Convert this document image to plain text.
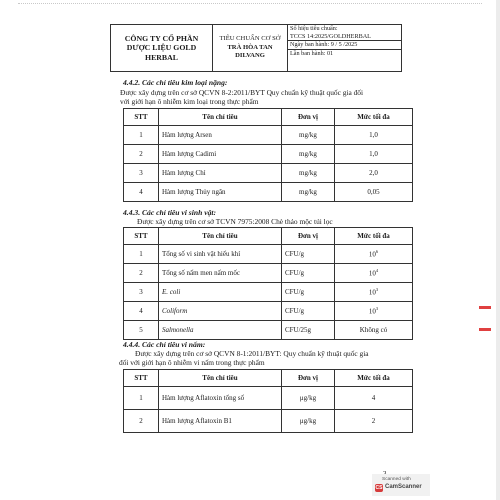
CÔNG TY CỔ PHẦN
DƯỢC LIỆU GOLD
HERBAL
TIÊU CHUẨN CƠ SỞ
TRÀ HÒA TAN
DILVANG
Số hiệu tiêu chuẩn:
TCCS 14:2025/GOLDHERBAL
Ngày ban hành: 9 / 5 /2025
Lần ban hành: 01
4.4.2. Các chỉ tiêu kim loại nặng:
Được xây dựng trên cơ sở QCVN 8-2:2011/BYT Quy chuẩn kỹ thuật quốc gia đối
với giới hạn ô nhiễm kim loại trong thực phẩm
STT	Tên chỉ tiêu	Đơn vị	Mức tối đa
1	Hàm lượng Arsen	mg/kg	1,0
2	Hàm lượng Cadimi	mg/kg	1,0
3	Hàm lượng Chì	mg/kg	2,0
4	Hàm lượng Thủy ngân	mg/kg	0,05
4.4.3. Các chỉ tiêu vi sinh vật:
Được xây dựng trên cơ sở TCVN 7975:2008 Chè thảo mộc túi lọc
STT	Tên chỉ tiêu	Đơn vị	Mức tối đa
1	Tổng số vi sinh vật hiếu khí	CFU/g	$10^6$
2	Tổng số nấm men nấm mốc	CFU/g	$10^4$
3	E. coli	CFU/g	$10^3$
4	Coliform	CFU/g	$10^3$
5	Salmonella	CFU/25g	Không có
4.4.4. Các chỉ tiêu vi nấm:
Được xây dựng trên cơ sở QCVN 8-1:2011/BYT: Quy chuẩn kỹ thuật quốc gia
đối với giới hạn ô nhiễm vi nấm trong thực phẩm
STT	Tên chỉ tiêu	Đơn vị	Mức tối đa
1	Hàm lượng Aflatoxin tổng số	μg/kg	4
2	Hàm lượng Aflatoxin B1	μg/kg	2
Scanned with
CS CamScanner
